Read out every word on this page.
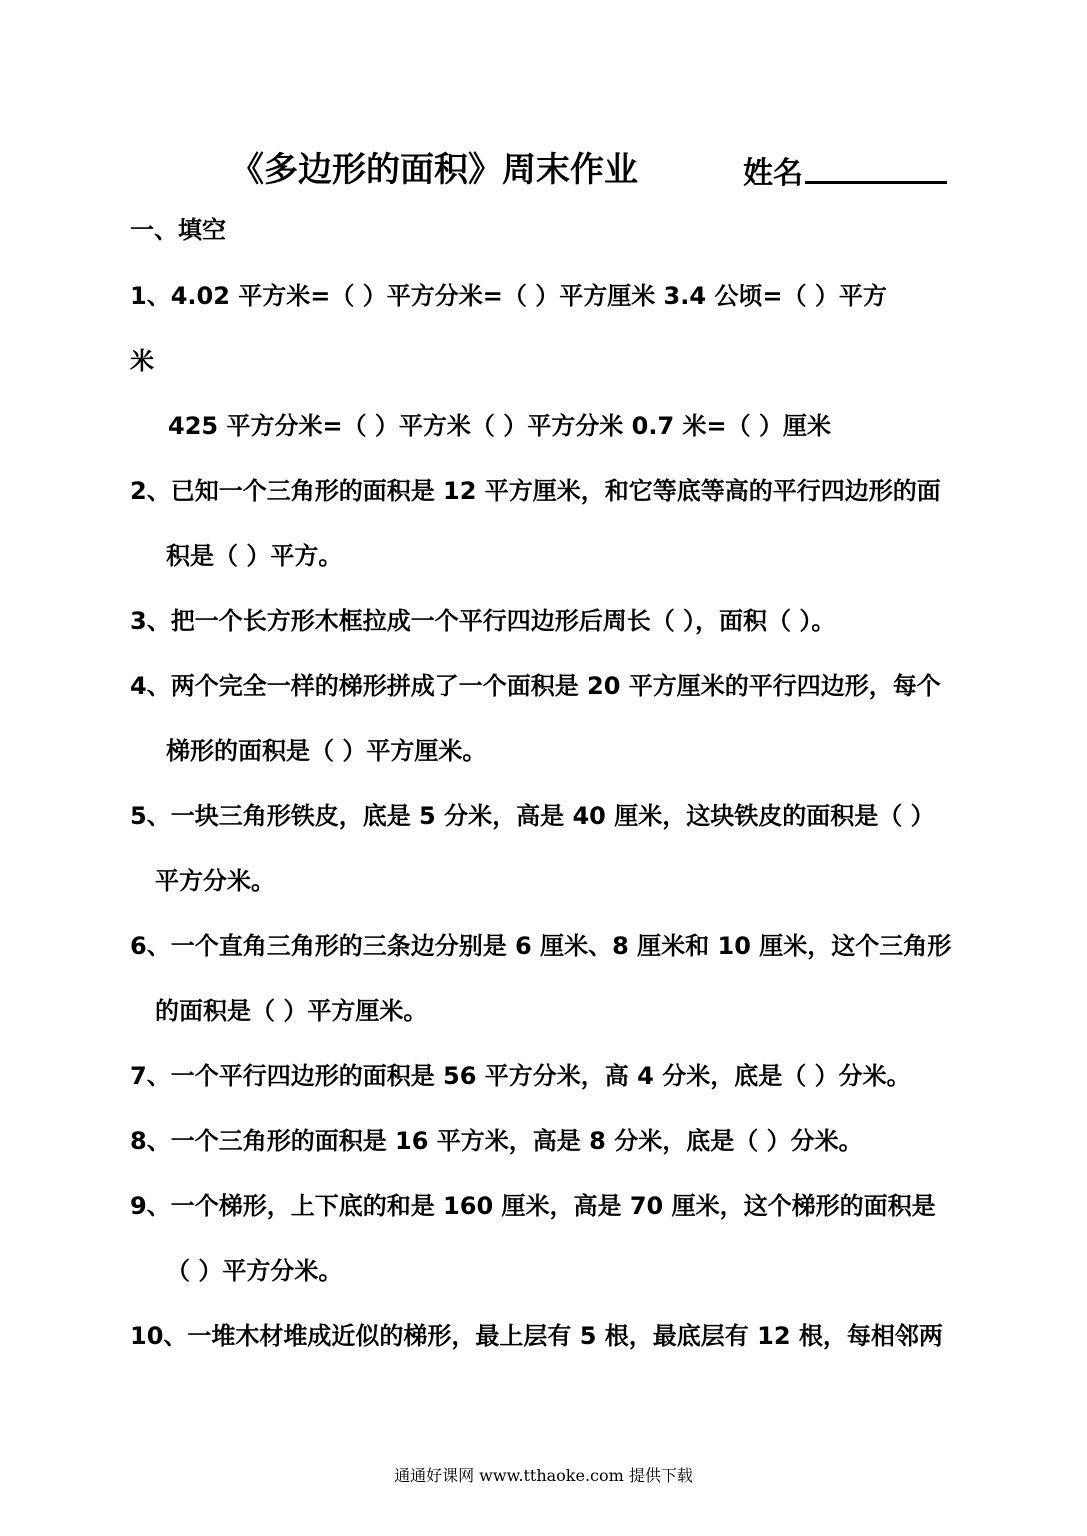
《多边形的面积》周末作业	姓名
一、填空
1、4.02 平方米=（ ）平方分米=（ ）平方厘米 3.4 公顷=（ ）平方
米
425 平方分米=（ ）平方米（ ）平方分米 0.7 米=（ ）厘米
2、已知一个三角形的面积是 12 平方厘米，和它等底等高的平行四边形的面
积是（ ）平方。
3、把一个长方形木框拉成一个平行四边形后周长（ ），面积（ ）。
4、两个完全一样的梯形拼成了一个面积是 20 平方厘米的平行四边形，每个
梯形的面积是（ ）平方厘米。
5、一块三角形铁皮，底是 5 分米，高是 40 厘米，这块铁皮的面积是（ ）
平方分米。
6、一个直角三角形的三条边分别是 6 厘米、8 厘米和 10 厘米，这个三角形
的面积是（ ）平方厘米。
7、一个平行四边形的面积是 56 平方分米，高 4 分米，底是（ ）分米。
8、一个三角形的面积是 16 平方米，高是 8 分米，底是（ ）分米。
9、一个梯形，上下底的和是 160 厘米，高是 70 厘米，这个梯形的面积是
（ ）平方分米。
10、一堆木材堆成近似的梯形，最上层有 5 根，最底层有 12 根，每相邻两
通通好课网 www.tthaoke.com 提供下载
